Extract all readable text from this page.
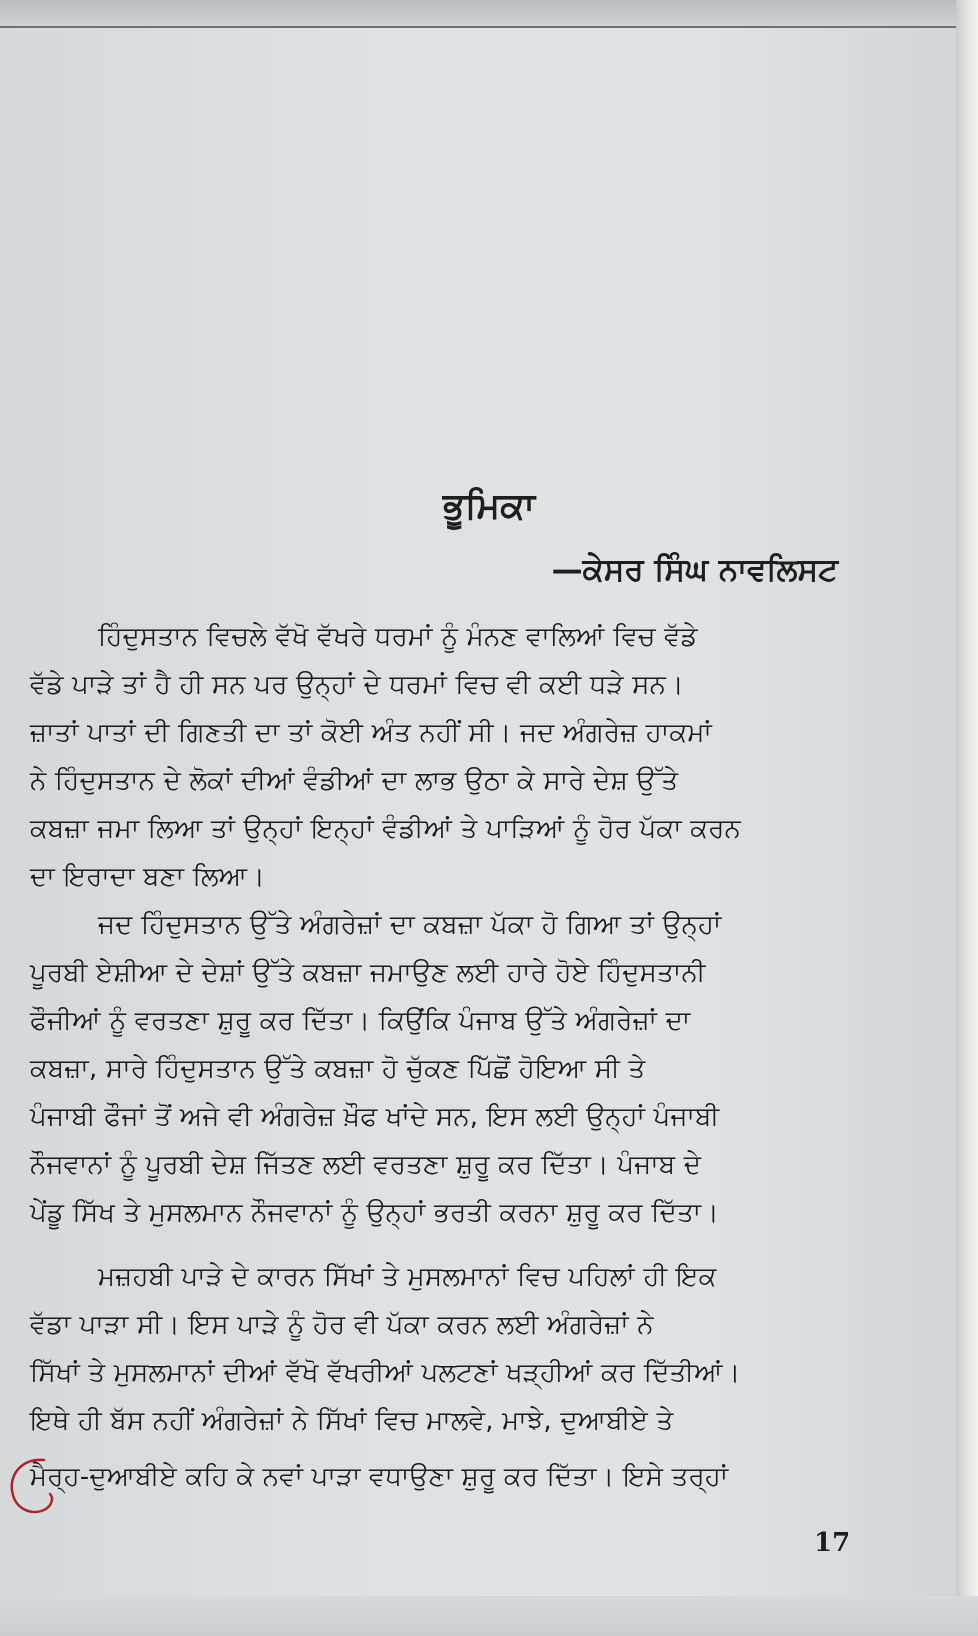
ਭੂਮਿਕਾ
—ਕੇਸਰ ਸਿੰਘ ਨਾਵਲਿਸਟ
ਹਿੰਦੁਸਤਾਨ ਵਿਚਲੇ ਵੱਖੋ ਵੱਖਰੇ ਧਰਮਾਂ ਨੂੰ ਮੰਨਣ ਵਾਲਿਆਂ ਵਿਚ ਵੱਡੇ
ਵੱਡੇ ਪਾੜੇ ਤਾਂ ਹੈ ਹੀ ਸਨ ਪਰ ਉਨ੍ਹਾਂ ਦੇ ਧਰਮਾਂ ਵਿਚ ਵੀ ਕਈ ਧੜੇ ਸਨ।
ਜ਼ਾਤਾਂ ਪਾਤਾਂ ਦੀ ਗਿਣਤੀ ਦਾ ਤਾਂ ਕੋਈ ਅੰਤ ਨਹੀਂ ਸੀ। ਜਦ ਅੰਗਰੇਜ਼ ਹਾਕਮਾਂ
ਨੇ ਹਿੰਦੁਸਤਾਨ ਦੇ ਲੋਕਾਂ ਦੀਆਂ ਵੰਡੀਆਂ ਦਾ ਲਾਭ ਉਠਾ ਕੇ ਸਾਰੇ ਦੇਸ਼ ਉੱਤੇ
ਕਬਜ਼ਾ ਜਮਾ ਲਿਆ ਤਾਂ ਉਨ੍ਹਾਂ ਇਨ੍ਹਾਂ ਵੰਡੀਆਂ ਤੇ ਪਾੜਿਆਂ ਨੂੰ ਹੋਰ ਪੱਕਾ ਕਰਨ
ਦਾ ਇਰਾਦਾ ਬਣਾ ਲਿਆ।
ਜਦ ਹਿੰਦੁਸਤਾਨ ਉੱਤੇ ਅੰਗਰੇਜ਼ਾਂ ਦਾ ਕਬਜ਼ਾ ਪੱਕਾ ਹੋ ਗਿਆ ਤਾਂ ਉਨ੍ਹਾਂ
ਪੂਰਬੀ ਏਸ਼ੀਆ ਦੇ ਦੇਸ਼ਾਂ ਉੱਤੇ ਕਬਜ਼ਾ ਜਮਾਉਣ ਲਈ ਹਾਰੇ ਹੋਏ ਹਿੰਦੁਸਤਾਨੀ
ਫੌਜੀਆਂ ਨੂੰ ਵਰਤਣਾ ਸ਼ੁਰੂ ਕਰ ਦਿੱਤਾ। ਕਿਉਂਕਿ ਪੰਜਾਬ ਉੱਤੇ ਅੰਗਰੇਜ਼ਾਂ ਦਾ
ਕਬਜ਼ਾ, ਸਾਰੇ ਹਿੰਦੁਸਤਾਨ ਉੱਤੇ ਕਬਜ਼ਾ ਹੋ ਚੁੱਕਣ ਪਿੱਛੋਂ ਹੋਇਆ ਸੀ ਤੇ
ਪੰਜਾਬੀ ਫੌਜਾਂ ਤੋਂ ਅਜੇ ਵੀ ਅੰਗਰੇਜ਼ ਖ਼ੌਫ ਖਾਂਦੇ ਸਨ, ਇਸ ਲਈ ਉਨ੍ਹਾਂ ਪੰਜਾਬੀ
ਨੌਜਵਾਨਾਂ ਨੂੰ ਪੂਰਬੀ ਦੇਸ਼ ਜਿੱਤਣ ਲਈ ਵਰਤਣਾ ਸ਼ੁਰੂ ਕਰ ਦਿੱਤਾ। ਪੰਜਾਬ ਦੇ
ਪੇਂਡੂ ਸਿੱਖ ਤੇ ਮੁਸਲਮਾਨ ਨੌਜਵਾਨਾਂ ਨੂੰ ਉਨ੍ਹਾਂ ਭਰਤੀ ਕਰਨਾ ਸ਼ੁਰੂ ਕਰ ਦਿੱਤਾ।
ਮਜ਼ਹਬੀ ਪਾੜੇ ਦੇ ਕਾਰਨ ਸਿੱਖਾਂ ਤੇ ਮੁਸਲਮਾਨਾਂ ਵਿਚ ਪਹਿਲਾਂ ਹੀ ਇਕ
ਵੱਡਾ ਪਾੜਾ ਸੀ। ਇਸ ਪਾੜੇ ਨੂੰ ਹੋਰ ਵੀ ਪੱਕਾ ਕਰਨ ਲਈ ਅੰਗਰੇਜ਼ਾਂ ਨੇ
ਸਿੱਖਾਂ ਤੇ ਮੁਸਲਮਾਨਾਂ ਦੀਆਂ ਵੱਖੋ ਵੱਖਰੀਆਂ ਪਲਟਣਾਂ ਖੜ੍ਹੀਆਂ ਕਰ ਦਿੱਤੀਆਂ।
ਇਥੇ ਹੀ ਬੱਸ ਨਹੀਂ ਅੰਗਰੇਜ਼ਾਂ ਨੇ ਸਿੱਖਾਂ ਵਿਚ ਮਾਲਵੇ, ਮਾਝੇ, ਦੁਆਬੀਏ ਤੇ
ਮੈਰ੍ਹ-ਦੁਆਬੀਏ ਕਹਿ ਕੇ ਨਵਾਂ ਪਾੜਾ ਵਧਾਉਣਾ ਸ਼ੁਰੂ ਕਰ ਦਿੱਤਾ। ਇਸੇ ਤਰ੍ਹਾਂ
17
